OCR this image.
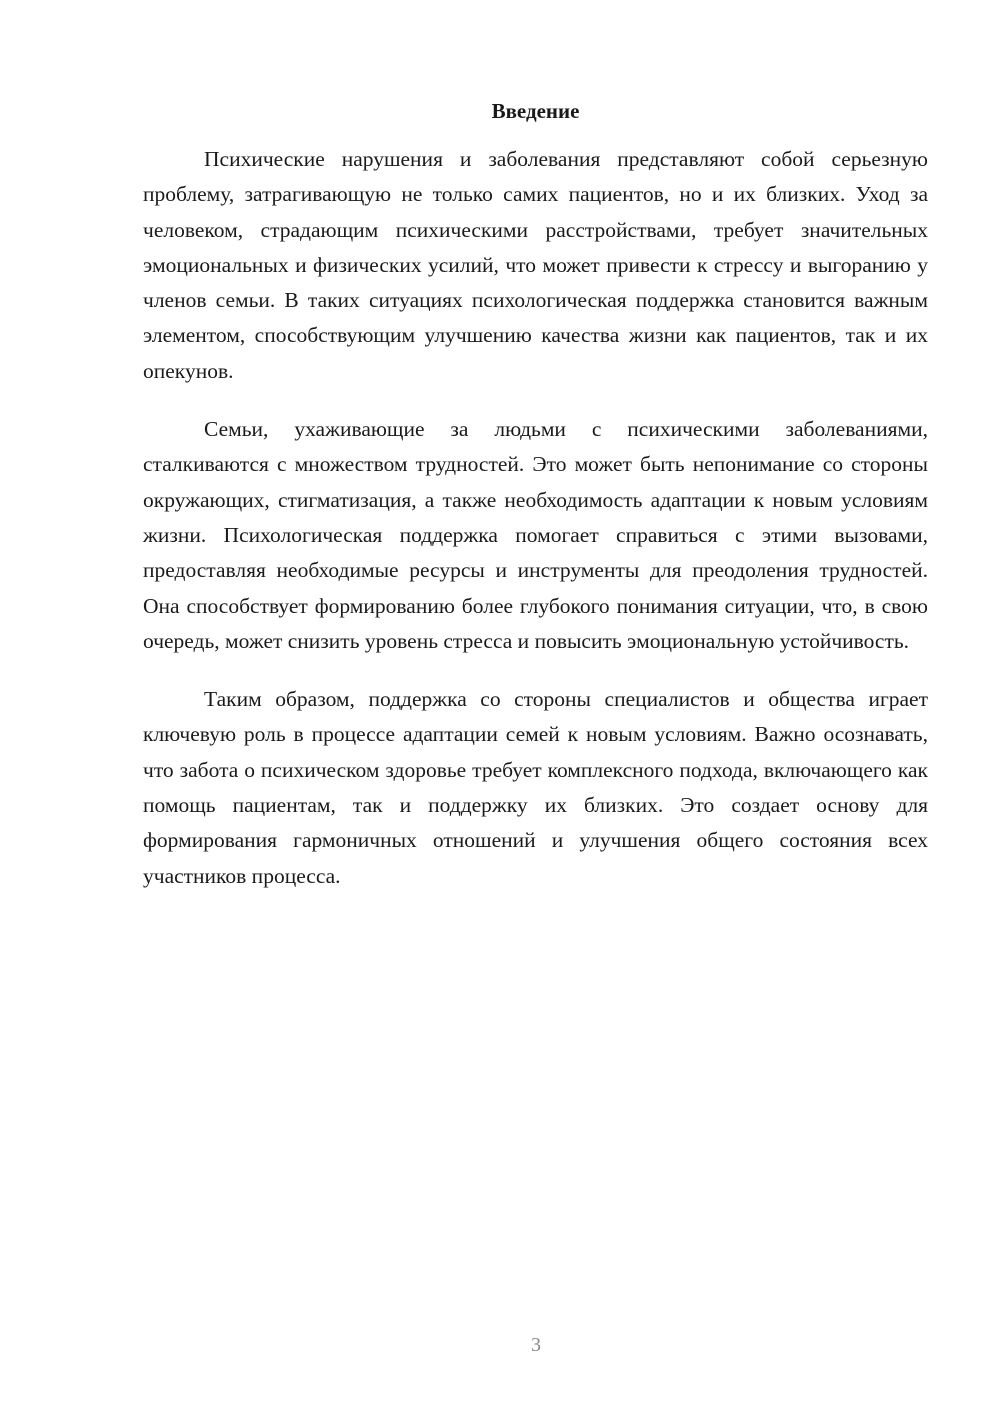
Введение

Психические нарушения и заболевания представляют собой серьезную проблему, затрагивающую не только самих пациентов, но и их близких. Уход за человеком, страдающим психическими расстройствами, требует значительных эмоциональных и физических усилий, что может привести к стрессу и выгоранию у членов семьи. В таких ситуациях психологическая поддержка становится важным элементом, способствующим улучшению качества жизни как пациентов, так и их опекунов.

Семьи, ухаживающие за людьми с психическими заболеваниями, сталкиваются с множеством трудностей. Это может быть непонимание со стороны окружающих, стигматизация, а также необходимость адаптации к новым условиям жизни. Психологическая поддержка помогает справиться с этими вызовами, предоставляя необходимые ресурсы и инструменты для преодоления трудностей. Она способствует формированию более глубокого понимания ситуации, что, в свою очередь, может снизить уровень стресса и повысить эмоциональную устойчивость.

Таким образом, поддержка со стороны специалистов и общества играет ключевую роль в процессе адаптации семей к новым условиям. Важно осознавать, что забота о психическом здоровье требует комплексного подхода, включающего как помощь пациентам, так и поддержку их близких. Это создает основу для формирования гармоничных отношений и улучшения общего состояния всех участников процесса.

3
